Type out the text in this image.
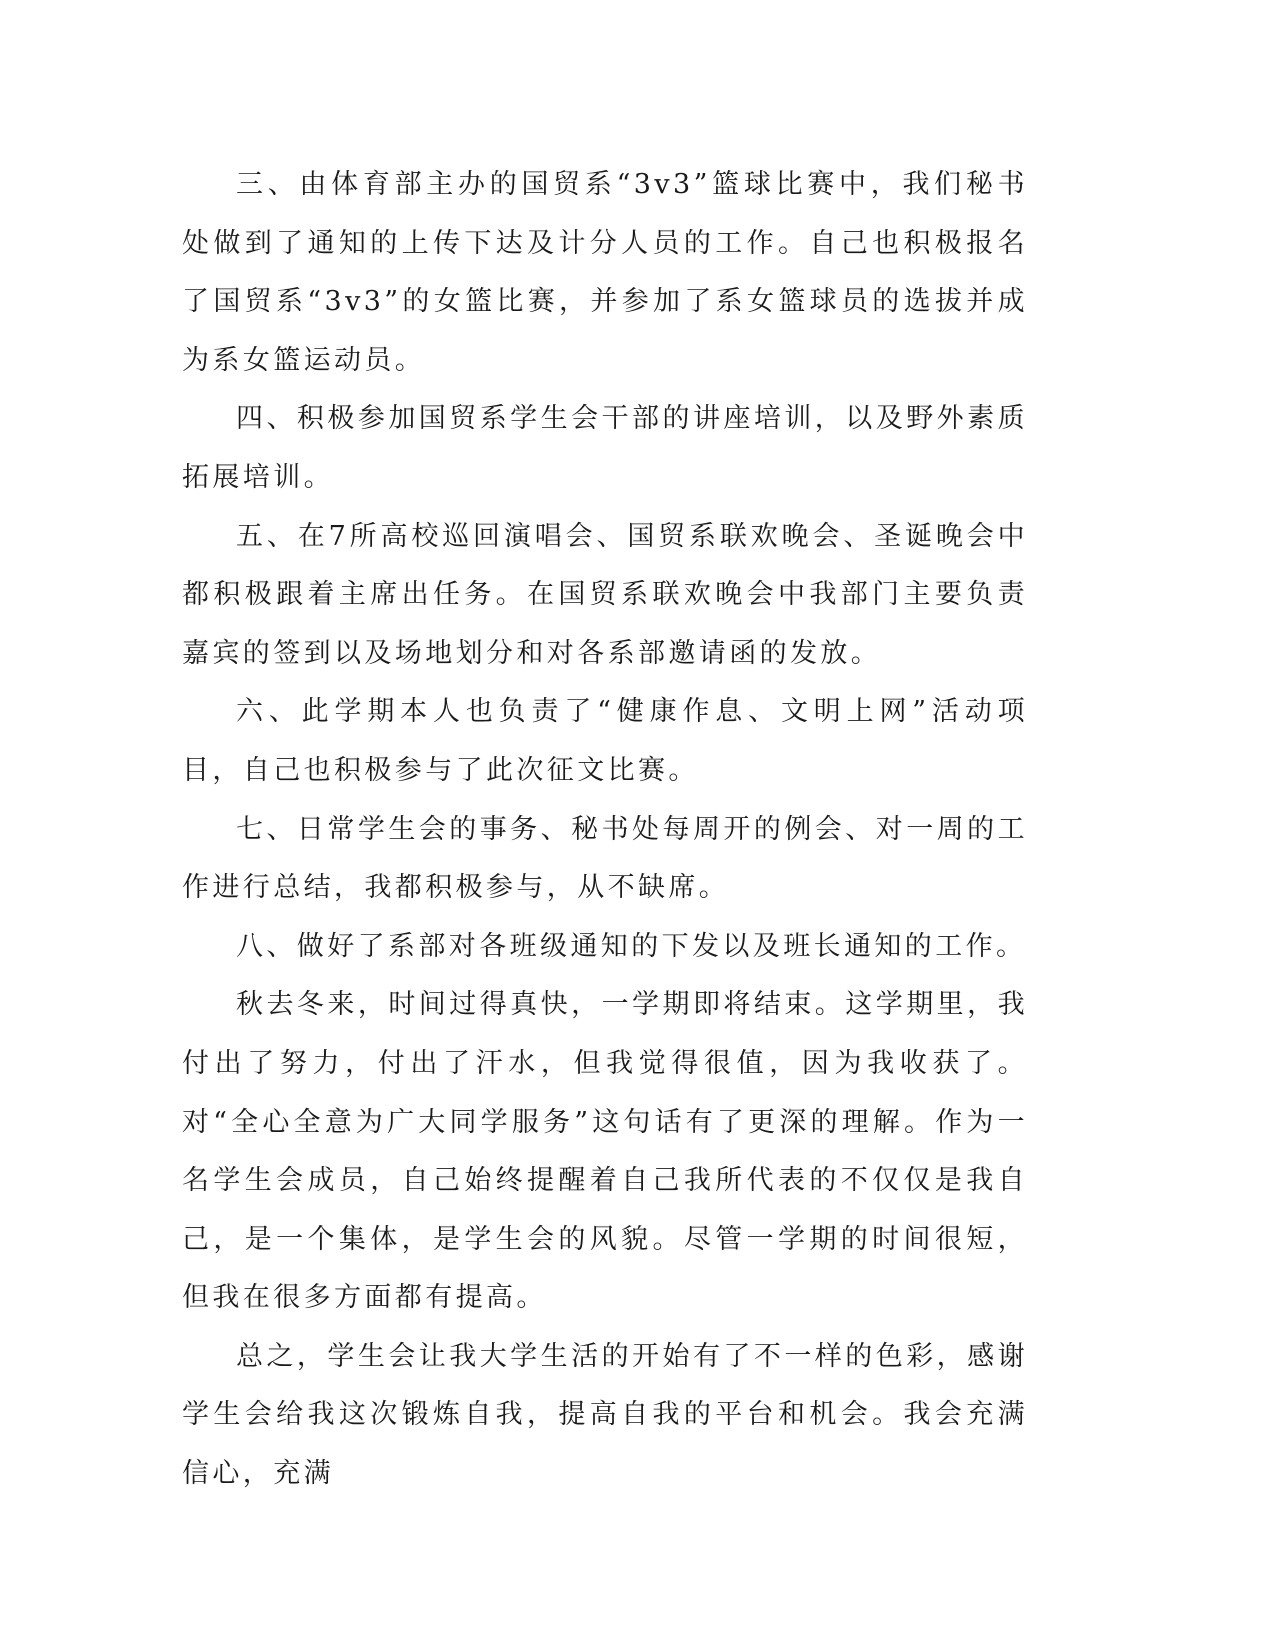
三、由体育部主办的国贸系“3v3”篮球比赛中，我们秘书处做到了通知的上传下达及计分人员的工作。自己也积极报名了国贸系“3v3”的女篮比赛，并参加了系女篮球员的选拔并成为系女篮运动员。

四、积极参加国贸系学生会干部的讲座培训，以及野外素质拓展培训。

五、在7所高校巡回演唱会、国贸系联欢晚会、圣诞晚会中都积极跟着主席出任务。在国贸系联欢晚会中我部门主要负责嘉宾的签到以及场地划分和对各系部邀请函的发放。

六、此学期本人也负责了“健康作息、文明上网”活动项目，自己也积极参与了此次征文比赛。

七、日常学生会的事务、秘书处每周开的例会、对一周的工作进行总结，我都积极参与，从不缺席。

八、做好了系部对各班级通知的下发以及班长通知的工作。

秋去冬来，时间过得真快，一学期即将结束。这学期里，我付出了努力，付出了汗水，但我觉得很值，因为我收获了。对“全心全意为广大同学服务”这句话有了更深的理解。作为一名学生会成员，自己始终提醒着自己我所代表的不仅仅是我自己，是一个集体，是学生会的风貌。尽管一学期的时间很短，但我在很多方面都有提高。

总之，学生会让我大学生活的开始有了不一样的色彩，感谢学生会给我这次锻炼自我，提高自我的平台和机会。我会充满信心，充满
